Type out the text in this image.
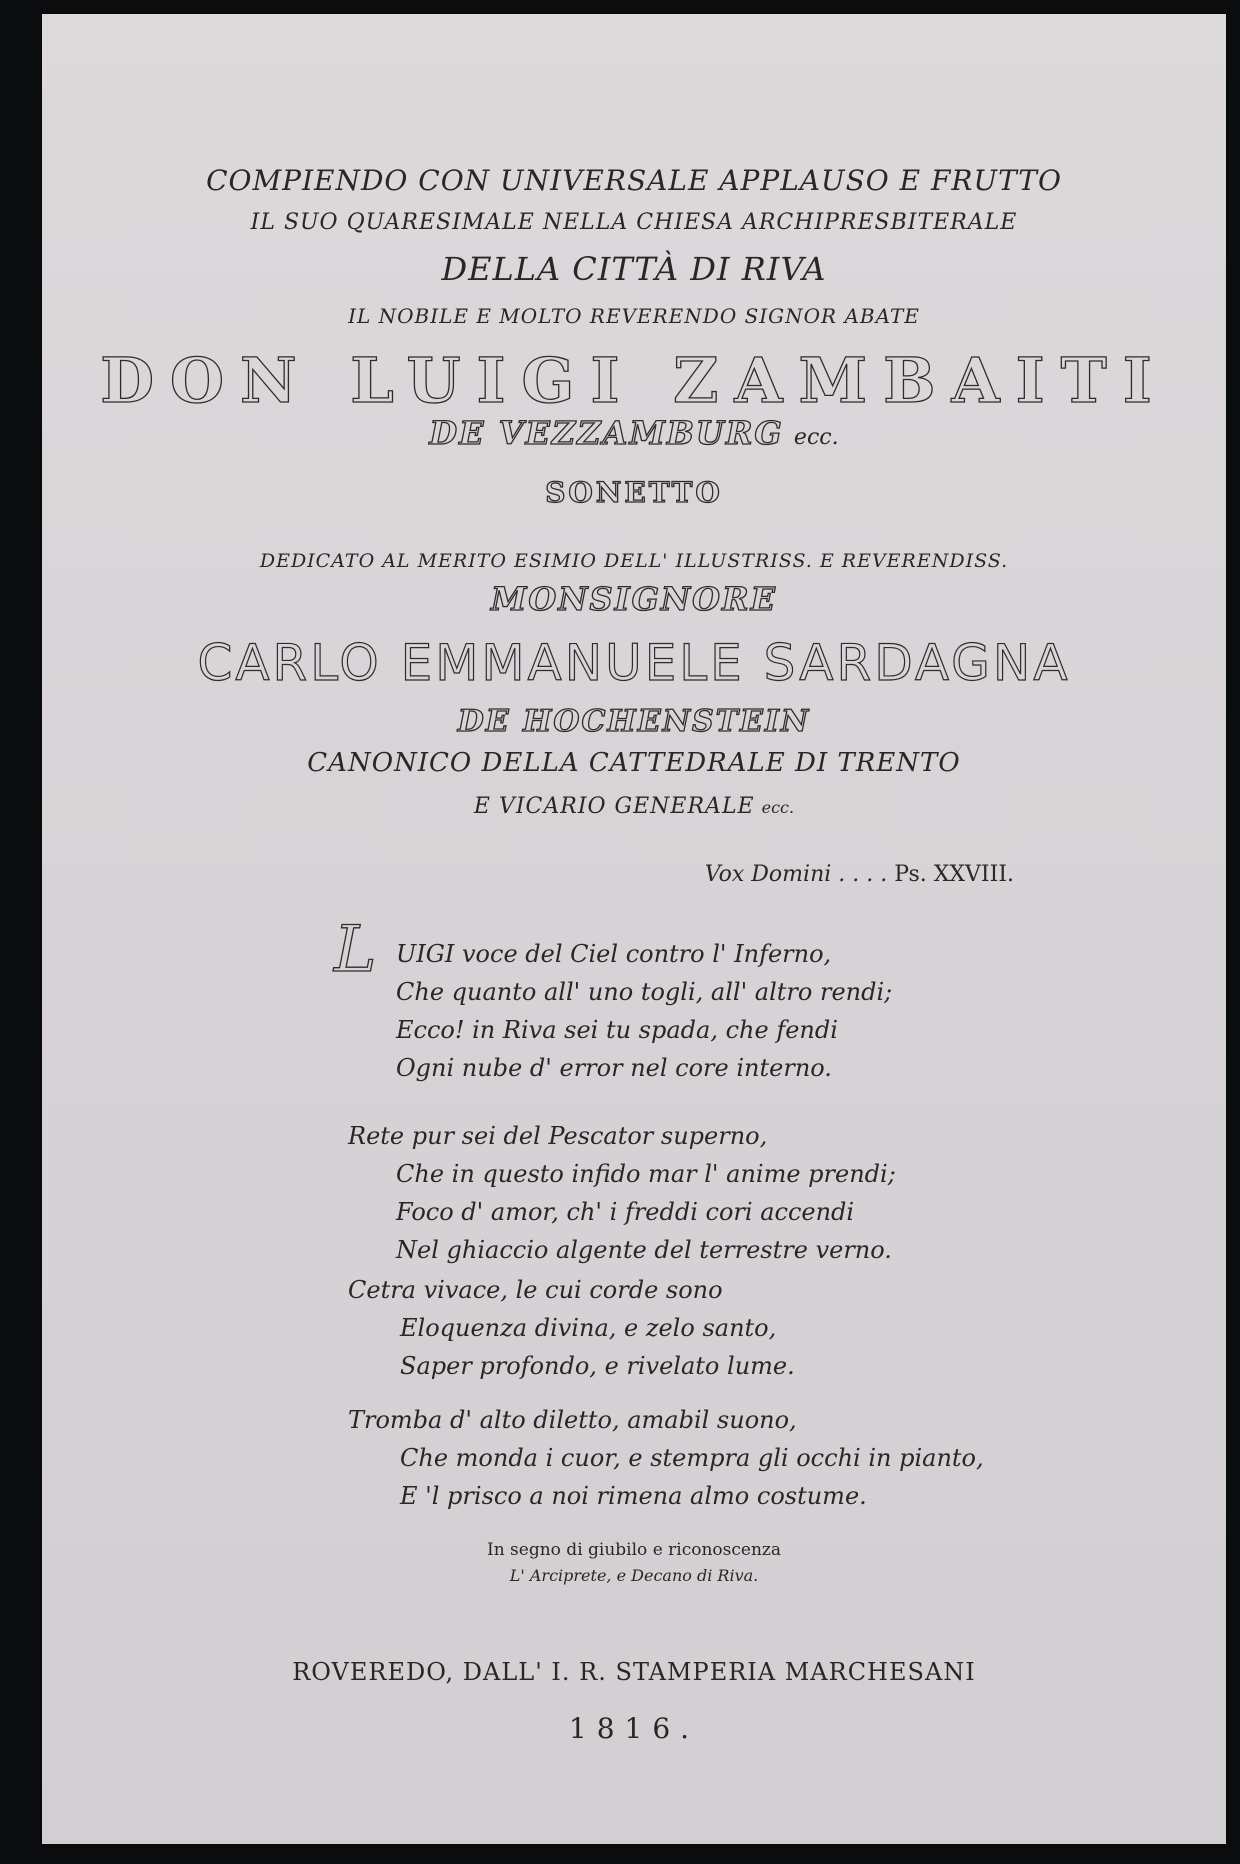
COMPIENDO CON UNIVERSALE APPLAUSO E FRUTTO
IL SUO QUARESIMALE NELLA CHIESA ARCHIPRESBITERALE
DELLA CITTÀ DI RIVA
IL NOBILE E MOLTO REVERENDO SIGNOR ABATE
DON LUIGI ZAMBAITI
DE VEZZAMBURG ecc.
SONETTO
DEDICATO AL MERITO ESIMIO DELL' ILLUSTRISS. E REVERENDISS.
MONSIGNORE
CARLO EMMANUELE SARDAGNA
DE HOCHENSTEIN
CANONICO DELLA CATTEDRALE DI TRENTO
E VICARIO GENERALE ecc.
Vox Domini . . . . Ps. XXVIII.
L UIGI voce del Ciel contro l' Inferno,
Che quanto all' uno togli, all' altro rendi;
Ecco! in Riva sei tu spada, che fendi
Ogni nube d' error nel core interno.
Rete pur sei del Pescator superno,
Che in questo infido mar l' anime prendi;
Foco d' amor, ch' i freddi cori accendi
Nel ghiaccio algente del terrestre verno.
Cetra vivace, le cui corde sono
Eloquenza divina, e zelo santo,
Saper profondo, e rivelato lume.
Tromba d' alto diletto, amabil suono,
Che monda i cuor, e stempra gli occhi in pianto,
E 'l prisco a noi rimena almo costume.
In segno di giubilo e riconoscenza
L' Arciprete, e Decano di Riva.
ROVEREDO, DALL' I. R. STAMPERIA MARCHESANI
1816.
